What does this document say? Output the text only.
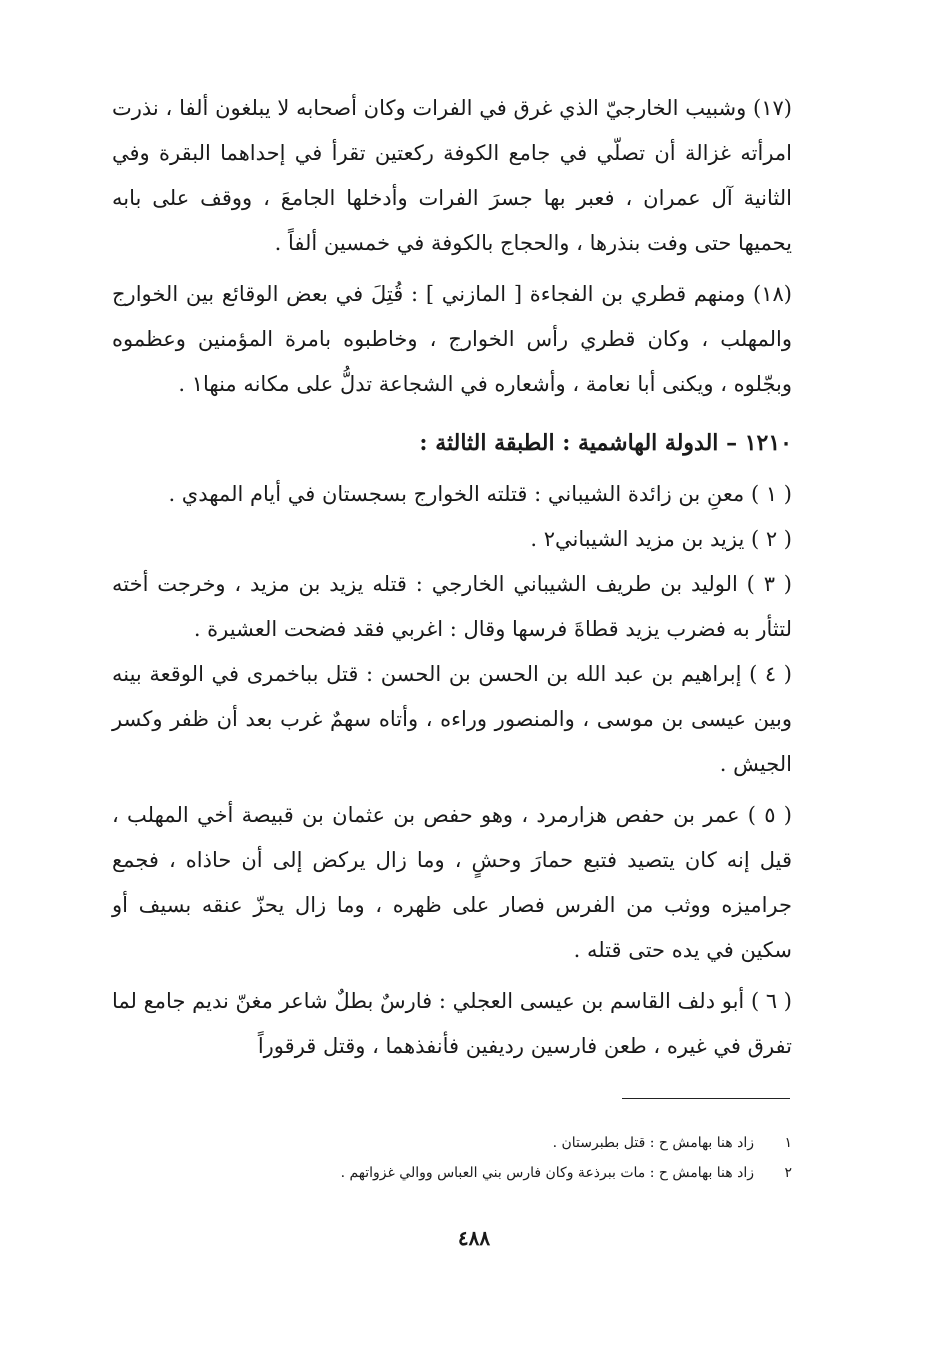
(١٧) وشبيب الخارجيّ الذي غرق في الفرات وكان أصحابه لا يبلغون ألفا ، نذرت امرأته غزالة أن تصلّي في جامع الكوفة ركعتين تقرأ في إحداهما البقرة وفي الثانية آل عمران ، فعبر بها جسرَ الفرات وأدخلها الجامعَ ، ووقف على بابه يحميها حتى وفت بنذرها ، والحجاج بالكوفة في خمسين ألفاً .

(١٨) ومنهم قطري بن الفجاءة [ المازني ] : قُتِلَ في بعض الوقائع بين الخوارج والمهلب ، وكان قطري رأس الخوارج ، وخاطبوه بامرة المؤمنين وعظموه وبجّلوه ، ويكنى أبا نعامة ، وأشعاره في الشجاعة تدلُّ على مكانه منها١ .

١٢١٠ – الدولة الهاشمية : الطبقة الثالثة :

( ١ ) معنِ بن زائدة الشيباني : قتلته الخوارج بسجستان في أيام المهدي .

( ٢ ) يزيد بن مزيد الشيباني٢ .

( ٣ ) الوليد بن طريف الشيباني الخارجي : قتله يزيد بن مزيد ، وخرجت أخته لتثأر به فضرب يزيد قطاةَ فرسها وقال : اغربي فقد فضحت العشيرة .

( ٤ ) إبراهيم بن عبد الله بن الحسن بن الحسن : قتل بباخمرى في الوقعة بينه وبين عيسى بن موسى ، والمنصور وراءه ، وأتاه سهمٌ غرب بعد أن ظفر وكسر الجيش .

( ٥ ) عمر بن حفص هزارمرد ، وهو حفص بن عثمان بن قبيصة أخي المهلب ، قيل إنه كان يتصيد فتبع حمارَ وحشٍ ، وما زال يركض إلى أن حاذاه ، فجمع جراميزه ووثب من الفرس فصار على ظهره ، وما زال يحزّ عنقه بسيف أو سكين في يده حتى قتله .

( ٦ ) أبو دلف القاسم بن عيسى العجلي : فارسٌ بطلٌ شاعر مغنّ نديم جامع لما تفرق في غيره ، طعن فارسين رديفين فأنفذهما ، وقتل قرقوراً

١
زاد هنا بهامش ح : قتل بطبرستان .
٢
زاد هنا بهامش ح : مات ببرذعة وكان فارس بني العباس ووالي غزواتهم .
٤٨٨
